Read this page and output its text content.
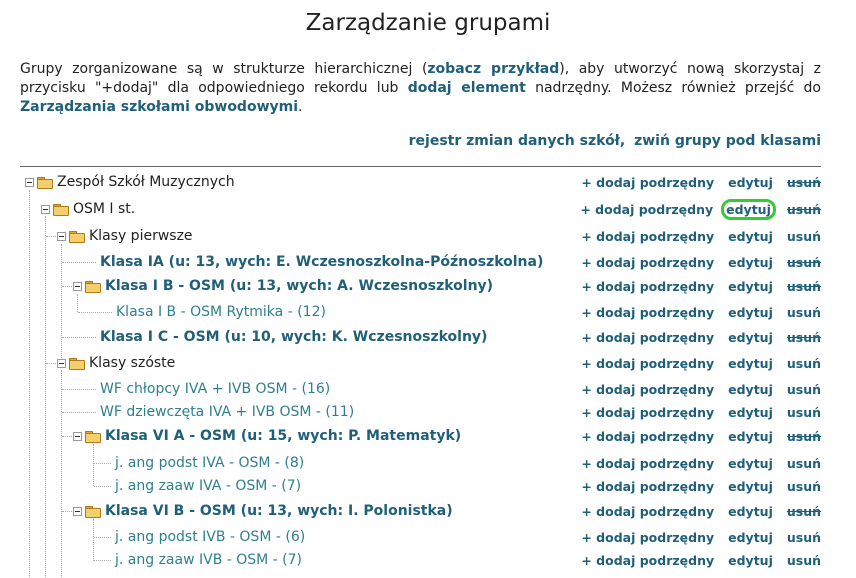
Zarządzanie grupami
Grupy zorganizowane są w strukturze hierarchicznej (zobacz przykład), aby utworzyć nową skorzystaj z przycisku "+dodaj" dla odpowiedniego rekordu lub dodaj element nadrzędny. Możesz również przejść do Zarządzania szkołami obwodowymi.
rejestr zmian danych szkół, zwiń grupy pod klasami
Zespół Szkół Muzycznych	+ dodaj podrzędny edytuj usuń
OSM I st.	+ dodaj podrzędny	edytuj	usuń
Klasy pierwsze	+ dodaj podrzędny edytuj usuń
Klasa IA (u: 13, wych: E. Wczesnoszkolna-Późnoszkolna)	+ dodaj podrzędny edytuj usuń
Klasa I B - OSM (u: 13, wych: A. Wczesnoszkolny)	+ dodaj podrzędny edytuj usuń
Klasa I B - OSM Rytmika - (12)	+ dodaj podrzędny edytuj usuń
Klasa I C - OSM (u: 10, wych: K. Wczesnoszkolny)	+ dodaj podrzędny edytuj usuń
Klasy szóste	+ dodaj podrzędny edytuj usuń
WF chłopcy IVA + IVB OSM - (16)	+ dodaj podrzędny edytuj usuń
WF dziewczęta IVA + IVB OSM - (11)	+ dodaj podrzędny edytuj usuń
Klasa VI A - OSM (u: 15, wych: P. Matematyk)	+ dodaj podrzędny edytuj usuń
j. ang podst IVA - OSM - (8)	+ dodaj podrzędny edytuj usuń
j. ang zaaw IVA - OSM - (7)	+ dodaj podrzędny edytuj usuń
Klasa VI B - OSM (u: 13, wych: I. Polonistka)	+ dodaj podrzędny edytuj usuń
j. ang podst IVB - OSM - (6)	+ dodaj podrzędny edytuj usuń
j. ang zaaw IVB - OSM - (7)	+ dodaj podrzędny edytuj usuń
